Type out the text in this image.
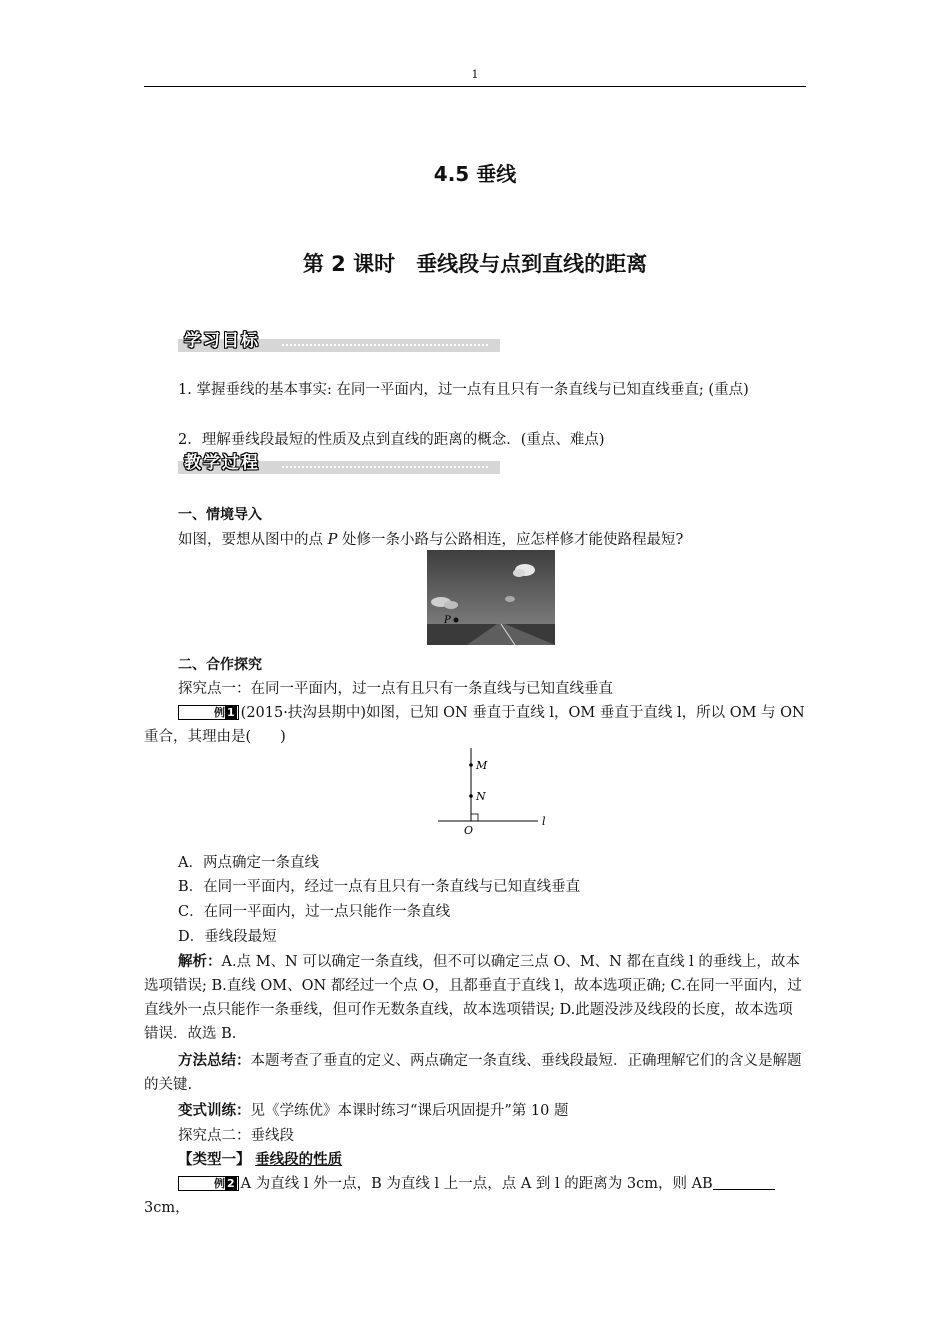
1
4.5 垂线
第 2 课时　垂线段与点到直线的距离
学习目标
1. 掌握垂线的基本事实: 在同一平面内，过一点有且只有一条直线与已知直线垂直; (重点)
2．理解垂线段最短的性质及点到直线的距离的概念．(重点、难点)
教学过程
一、情境导入
如图，要想从图中的点 P 处修一条小路与公路相连，应怎样修才能使路程最短?
P
二、合作探究
探究点一：在同一平面内，过一点有且只有一条直线与已知直线垂直
例 1 (2015·扶沟县期中)如图，已知 ON 垂直于直线 l，OM 垂直于直线 l，所以 OM 与 ON 重合，其理由是(　　)
M
N
O
l
A．两点确定一条直线
B．在同一平面内，经过一点有且只有一条直线与已知直线垂直
C．在同一平面内，过一点只能作一条直线
D．垂线段最短
解析：A.点 M、N 可以确定一条直线，但不可以确定三点 O、M、N 都在直线 l 的垂线上，故本选项错误; B.直线 OM、ON 都经过一个点 O，且都垂直于直线 l，故本选项正确; C.在同一平面内，过直线外一点只能作一条垂线，但可作无数条直线，故本选项错误; D.此题没涉及线段的长度，故本选项错误．故选 B.
方法总结：本题考查了垂直的定义、两点确定一条直线、垂线段最短．正确理解它们的含义是解题的关键.
变式训练：见《学练优》本课时练习“课后巩固提升”第 10 题
探究点二：垂线段
【类型一】 垂线段的性质
例 2 A 为直线 l 外一点，B 为直线 l 上一点，点 A 到 l 的距离为 3cm，则 AB3cm，
